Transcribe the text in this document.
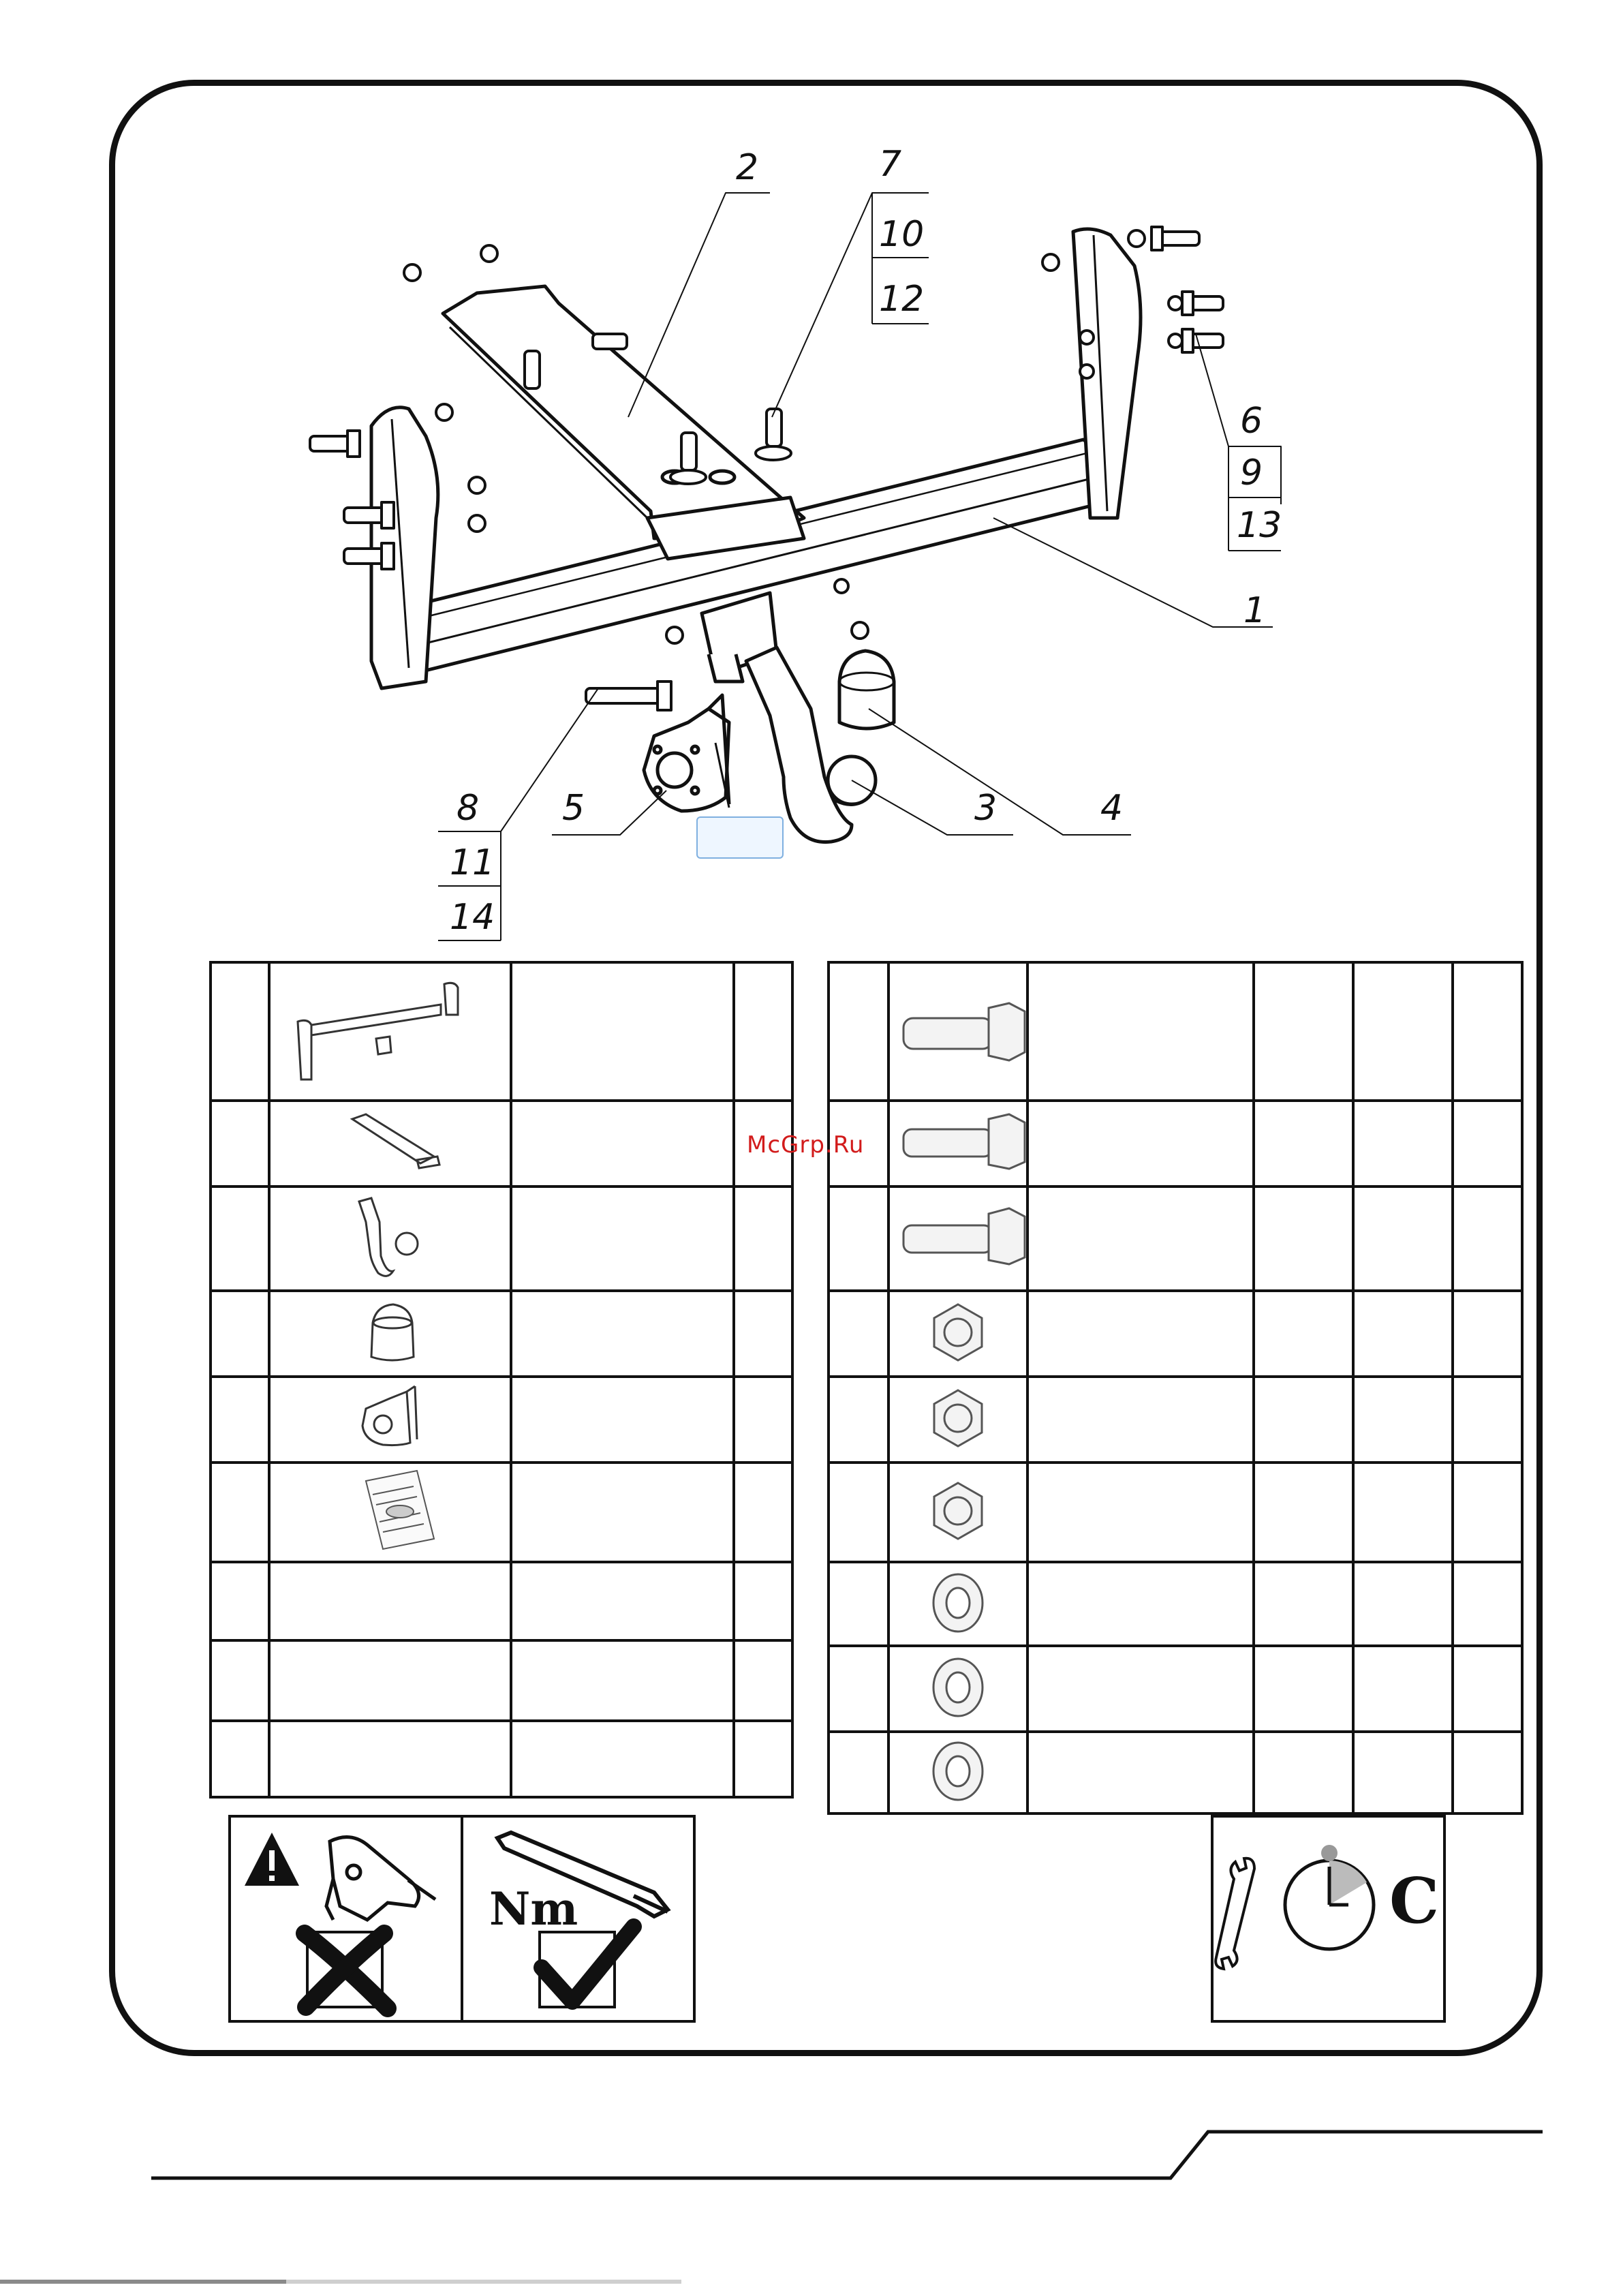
1
2
3	4
5
6
7
8
9
10
11
12
13
14

McGrp.Ru
Nm	C
